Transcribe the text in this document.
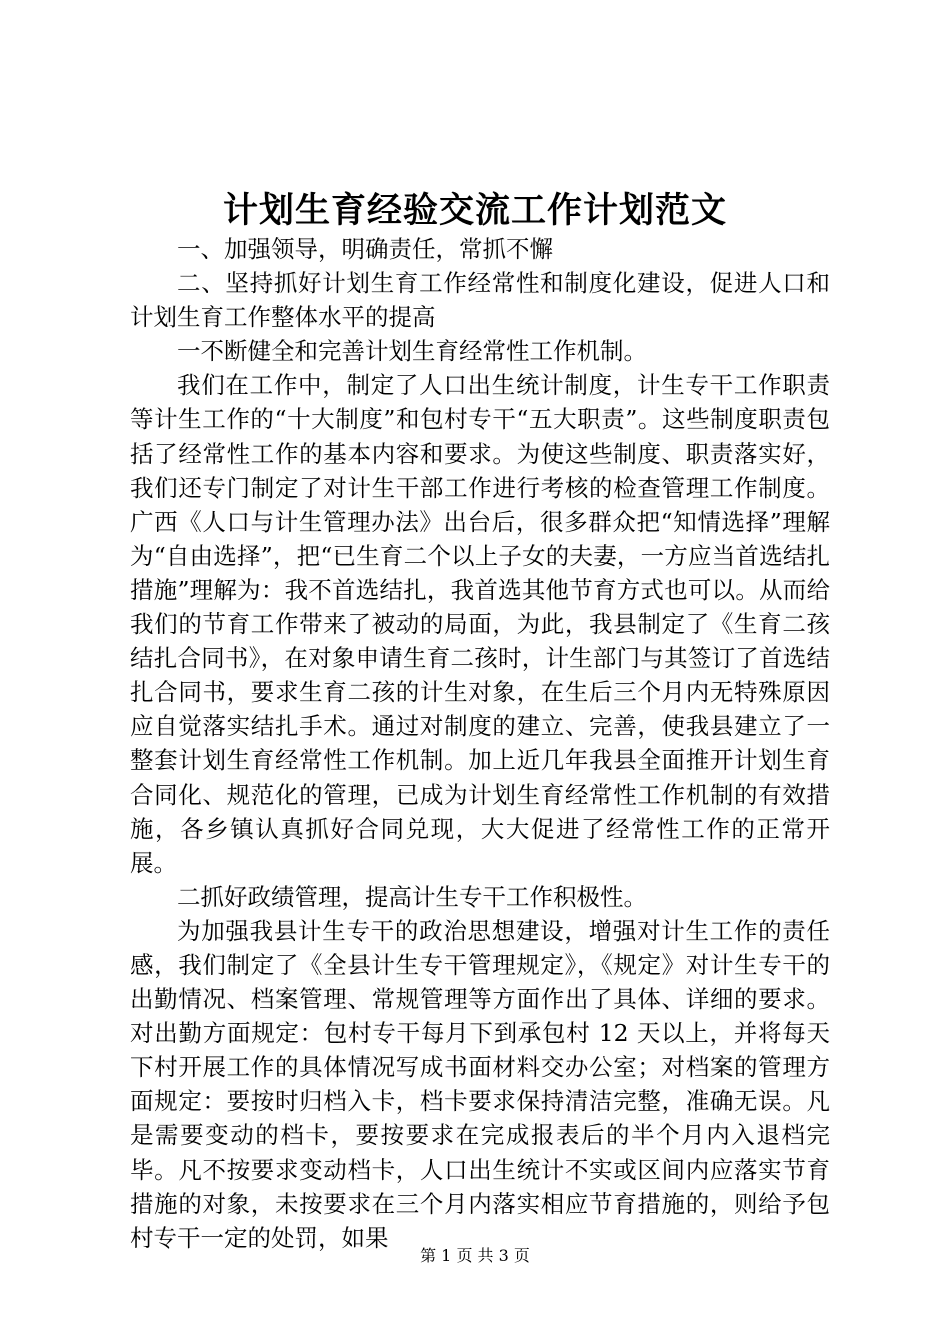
计划生育经验交流工作计划范文

一、加强领导，明确责任，常抓不懈

二、坚持抓好计划生育工作经常性和制度化建设，促进人口和计划生育工作整体水平的提高

一不断健全和完善计划生育经常性工作机制。

我们在工作中，制定了人口出生统计制度，计生专干工作职责等计生工作的“十大制度”和包村专干“五大职责”。这些制度职责包括了经常性工作的基本内容和要求。为使这些制度、职责落实好，我们还专门制定了对计生干部工作进行考核的检查管理工作制度。广西《人口与计生管理办法》出台后，很多群众把“知情选择”理解为“自由选择”，把“已生育二个以上子女的夫妻，一方应当首选结扎措施”理解为：我不首选结扎，我首选其他节育方式也可以。从而给我们的节育工作带来了被动的局面，为此，我县制定了《生育二孩结扎合同书》，在对象申请生育二孩时，计生部门与其签订了首选结扎合同书，要求生育二孩的计生对象，在生后三个月内无特殊原因应自觉落实结扎手术。通过对制度的建立、完善，使我县建立了一整套计划生育经常性工作机制。加上近几年我县全面推开计划生育合同化、规范化的管理，已成为计划生育经常性工作机制的有效措施，各乡镇认真抓好合同兑现，大大促进了经常性工作的正常开展。

二抓好政绩管理，提高计生专干工作积极性。

为加强我县计生专干的政治思想建设，增强对计生工作的责任感，我们制定了《全县计生专干管理规定》，《规定》对计生专干的出勤情况、档案管理、常规管理等方面作出了具体、详细的要求。对出勤方面规定：包村专干每月下到承包村 12 天以上，并将每天下村开展工作的具体情况写成书面材料交办公室；对档案的管理方面规定：要按时归档入卡，档卡要求保持清洁完整，准确无误。凡是需要变动的档卡，要按要求在完成报表后的半个月内入退档完毕。凡不按要求变动档卡，人口出生统计不实或区间内应落实节育措施的对象，未按要求在三个月内落实相应节育措施的，则给予包村专干一定的处罚，如果

第 1 页 共 3 页
